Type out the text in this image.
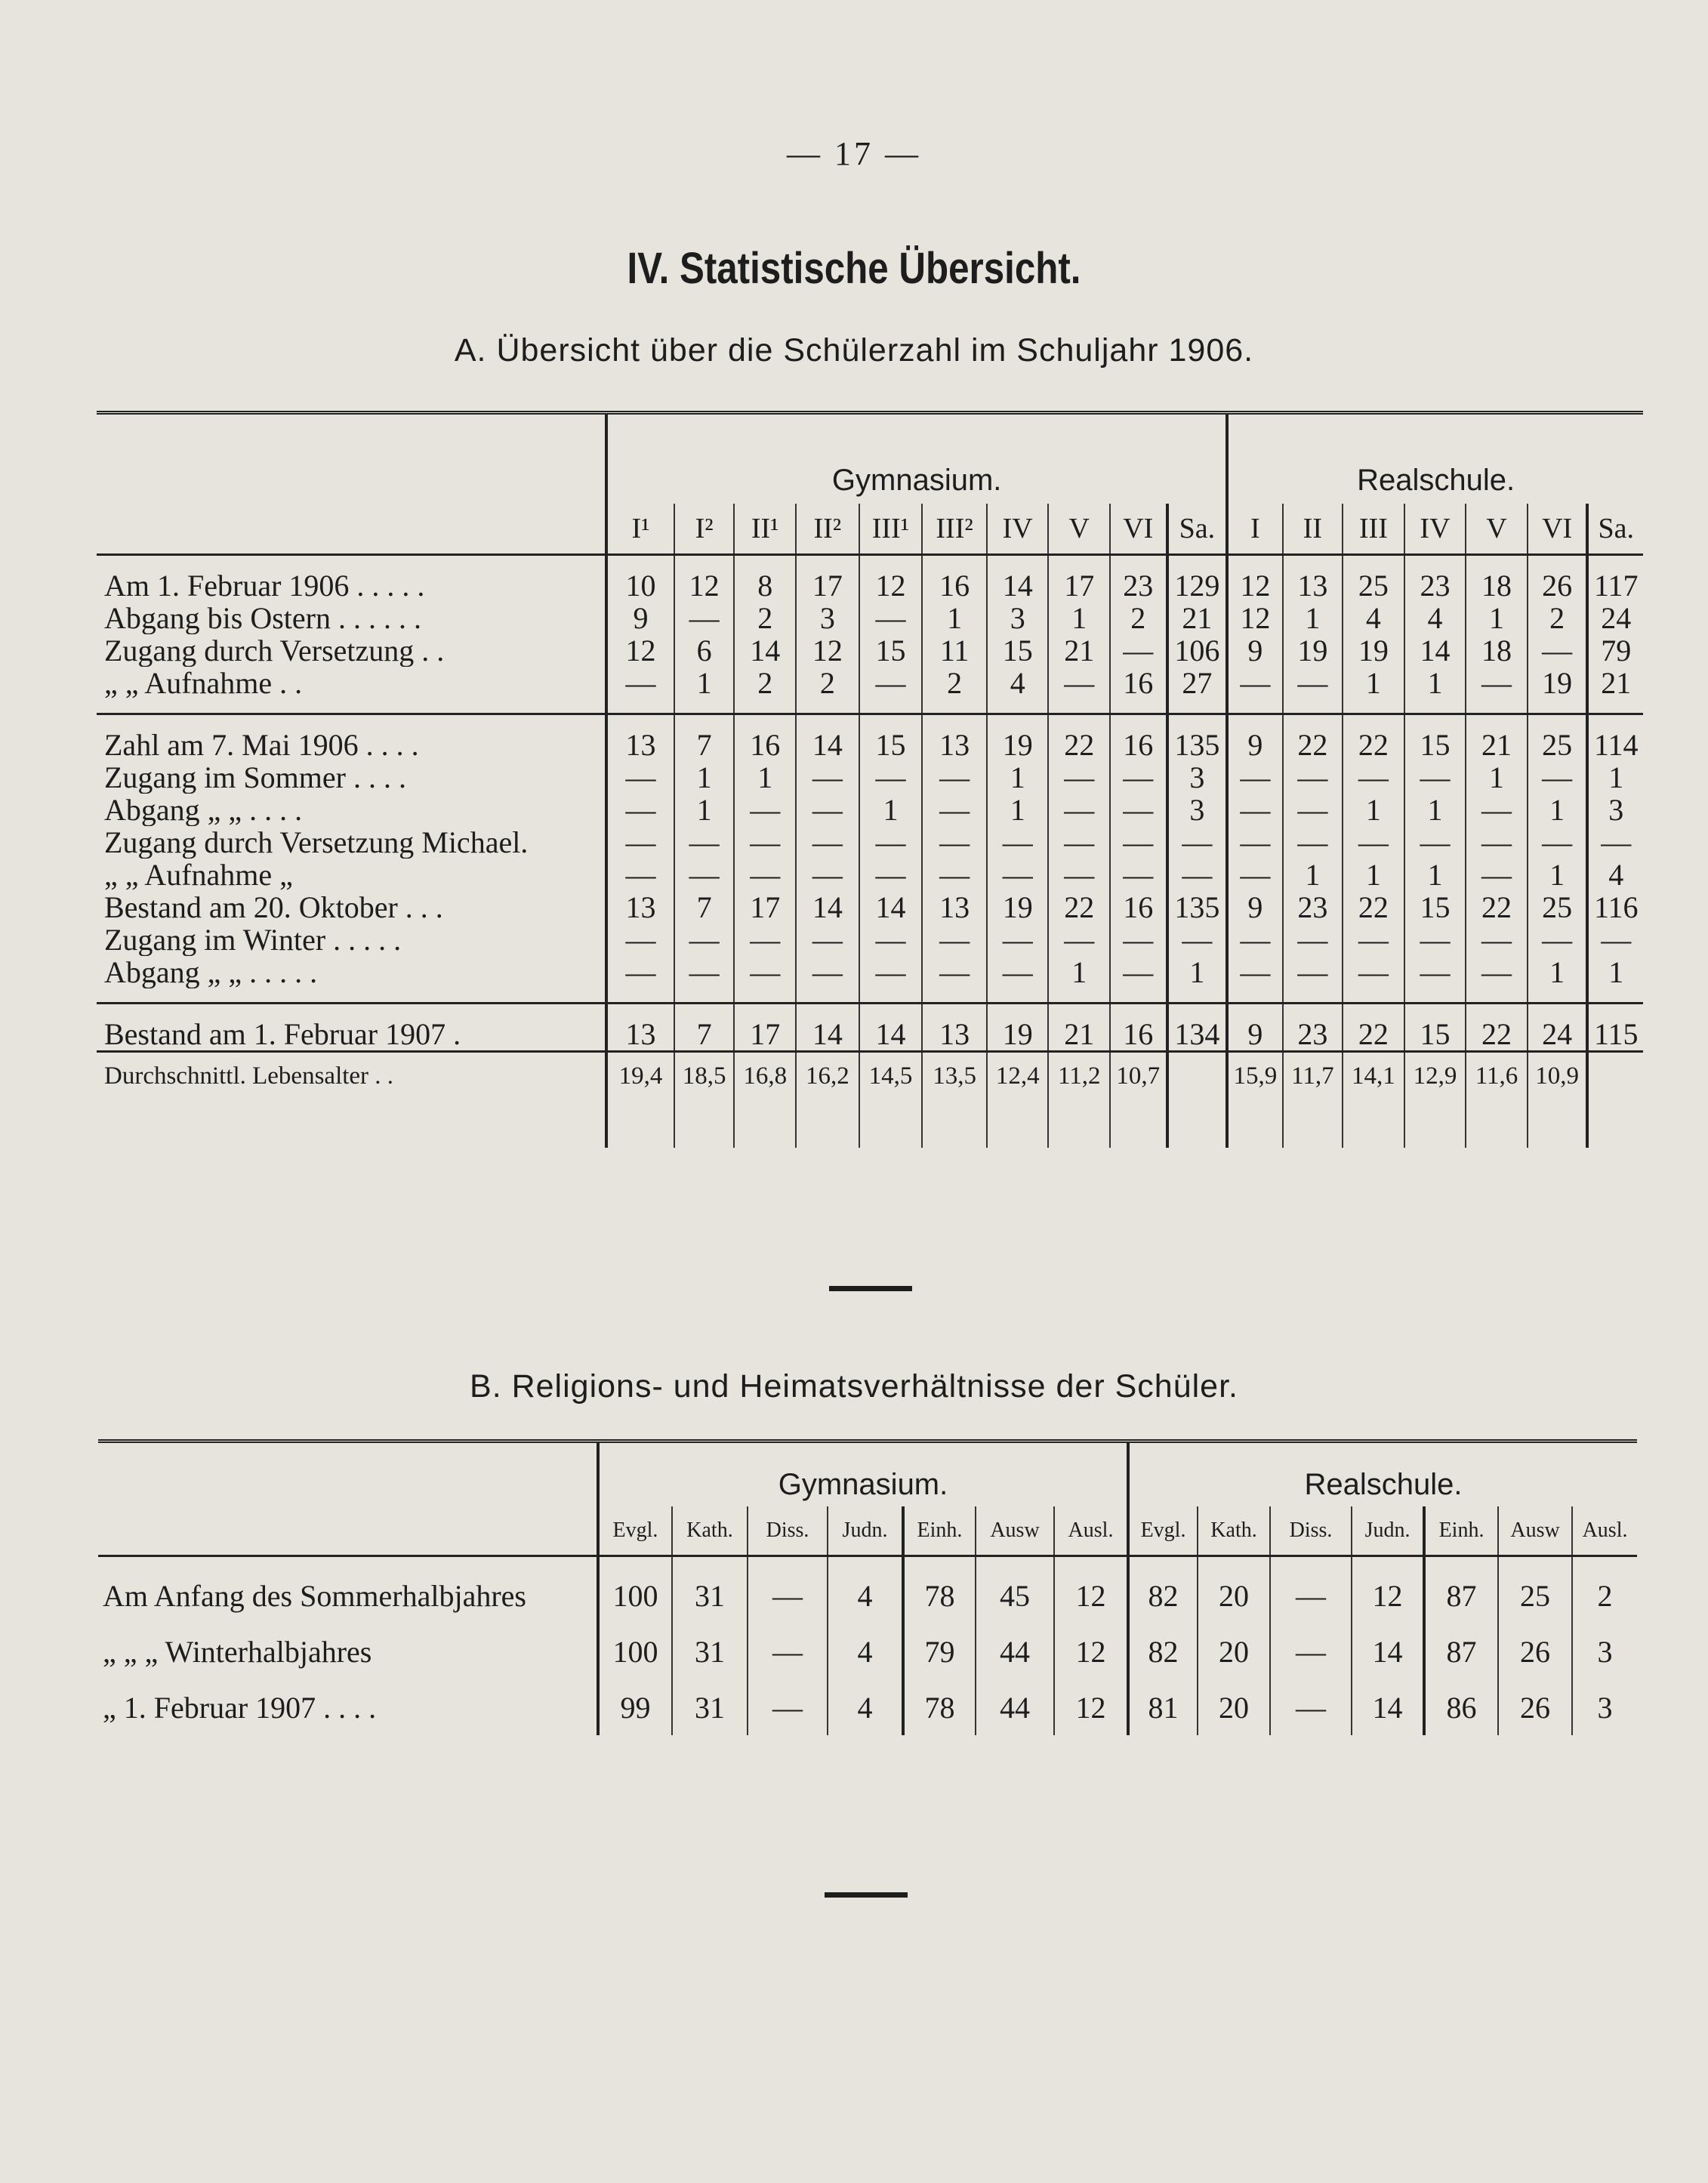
— 17 —
IV. Statistische Übersicht.
A. Übersicht über die Schülerzahl im Schuljahr 1906.
	Gymnasium.										Realschule.						
	I¹	I²	II¹	II²	III¹	III²	IV	V	VI	Sa.	I	II	III	IV	V	VI	Sa.

Am 1. Februar 1906 . . . . .	10	12	8	17	12	16	14	17	23	129	12	13	25	23	18	26	117
Abgang bis Ostern . . . . . .	9	—	2	3	—	1	3	1	2	21	12	1	4	4	1	2	24
Zugang durch Versetzung . .	12	6	14	12	15	11	15	21	—	106	9	19	19	14	18	—	79
„ „ Aufnahme . .	—	1	2	2	—	2	4	—	16	27	—	—	1	1	—	19	21

Zahl am 7. Mai 1906 . . . .	13	7	16	14	15	13	19	22	16	135	9	22	22	15	21	25	114
Zugang im Sommer . . . .	—	1	1	—	—	—	1	—	—	3	—	—	—	—	1	—	1
Abgang „ „ . . . .	—	1	—	—	1	—	1	—	—	3	—	—	1	1	—	1	3
Zugang durch Versetzung Michael.	—	—	—	—	—	—	—	—	—	—	—	—	—	—	—	—	—
„ „ Aufnahme „	—	—	—	—	—	—	—	—	—	—	—	1	1	1	—	1	4
Bestand am 20. Oktober . . .	13	7	17	14	14	13	19	22	16	135	9	23	22	15	22	25	116
Zugang im Winter . . . . .	—	—	—	—	—	—	—	—	—	—	—	—	—	—	—	—	—
Abgang „ „ . . . . .	—	—	—	—	—	—	—	1	—	1	—	—	—	—	—	1	1

Bestand am 1. Februar 1907 .	13	7	17	14	14	13	19	21	16	134	9	23	22	15	22	24	115
Durchschnittl. Lebensalter . .	19,4	18,5	16,8	16,2	14,5	13,5	12,4	11,2	10,7		15,9	11,7	14,1	12,9	11,6	10,9	

B. Religions- und Heimatsverhältnisse der Schüler.
	Gymnasium.							Realschule.						
	Evgl.	Kath.	Diss.	Judn.	Einh.	Ausw	Ausl.	Evgl.	Kath.	Diss.	Judn.	Einh.	Ausw	Ausl.

Am Anfang des Sommerhalbjahres	100	31	—	4	78	45	12	82	20	—	12	87	25	2
„ „ „ Winterhalbjahres	100	31	—	4	79	44	12	82	20	—	14	87	26	3
„ 1. Februar 1907 . . . .	99	31	—	4	78	44	12	81	20	—	14	86	26	3
